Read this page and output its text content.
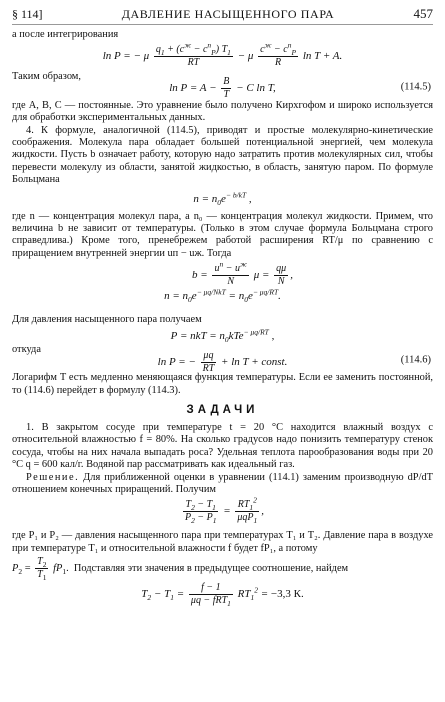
§ 114]	ДАВЛЕНИЕ НАСЫЩЕННОГО ПАРА	457

а после интегрирования

ln P = − μ $\frac{q_1 + (c^ж - c^п_P) T_1}{RT} - \mu \frac{c^ж - c^п_P}{R}$ ln T + A.

Таким образом,

$\ln P = A - \frac{B}{T} - C$ ln T,	(114.5)

где A, B, C — постоянные. Это уравнение было получено Кирхгофом и широко используется для обработки экспериментальных данных.

4. К формуле, аналогичной (114.5), приводят и простые молекулярно-кинетические соображения. Молекула пара обладает большей потенциальной энергией, чем молекула жидкости. Пусть b означает работу, которую надо затратить против молекулярных сил, чтобы перевести молекулу из области, занятой жидкостью, в область, занятую паром. По формуле Больцмана

$n = n_0e^{- b/kT}$ ,

где n — концентрация молекул пара, a n₀ — концентрация молекул жидкости. Примем, что величина b не зависит от температуры. (Только в этом случае формула Больцмана строго справедлива.) Кроме того, пренебрежем работой расширения RT/μ по сравнению с приращением внутренней энергии uп − uж. Тогда

$b = \frac{u^п - u^ж}{N}$ $\mu = \frac{q\mu}{N}$ ,
$n = n_0e^{- \mu q/NkT} = n_0e^{- \mu q/RT}$.

Для давления насыщенного пара получаем

P = nkT = $n_0kTe^{- \mu q/RT}$ ,

откуда

ln P = − $\frac{\mu q}{RT} + \ln T$ + const.	(114.6)

Логарифм T есть медленно меняющаяся функция температуры. Если ее заменить постоянной, то (114.6) перейдет в формулу (114.3).

ЗАДАЧИ

1. В закрытом сосуде при температуре t = 20 °С находится влажный воздух с относительной влажностью f = 80%. На сколько градусов надо понизить температуру стенок сосуда, чтобы на них начала выпадать роса? Удельная теплота парообразования воды при 20 °С q = 600 кал/г. Водяной пар рассматривать как идеальный газ.

Решение. Для приближенной оценки в уравнении (114.1) заменим производную dP/dT отношением конечных приращений. Получим

$\frac{T_2 - T_1}{P_2 - P_1} = \frac{RT_1^2}{\mu qP_1}$ ,

где P₁ и P₂ — давления насыщенного пара при температурах T₁ и T₂. Давление пара в воздухе при температуре T₁ и относительной влажности f будет fP₁, а потому

$P_2 = \frac{T_2}{T_1} fP_1$.  Подставляя эти значения в предыдущее соотношение, найдем

$T_2 - T_1 = \frac{f - 1}{\mu q - fRT_1} RT_1^2 = -3,3$ К.
